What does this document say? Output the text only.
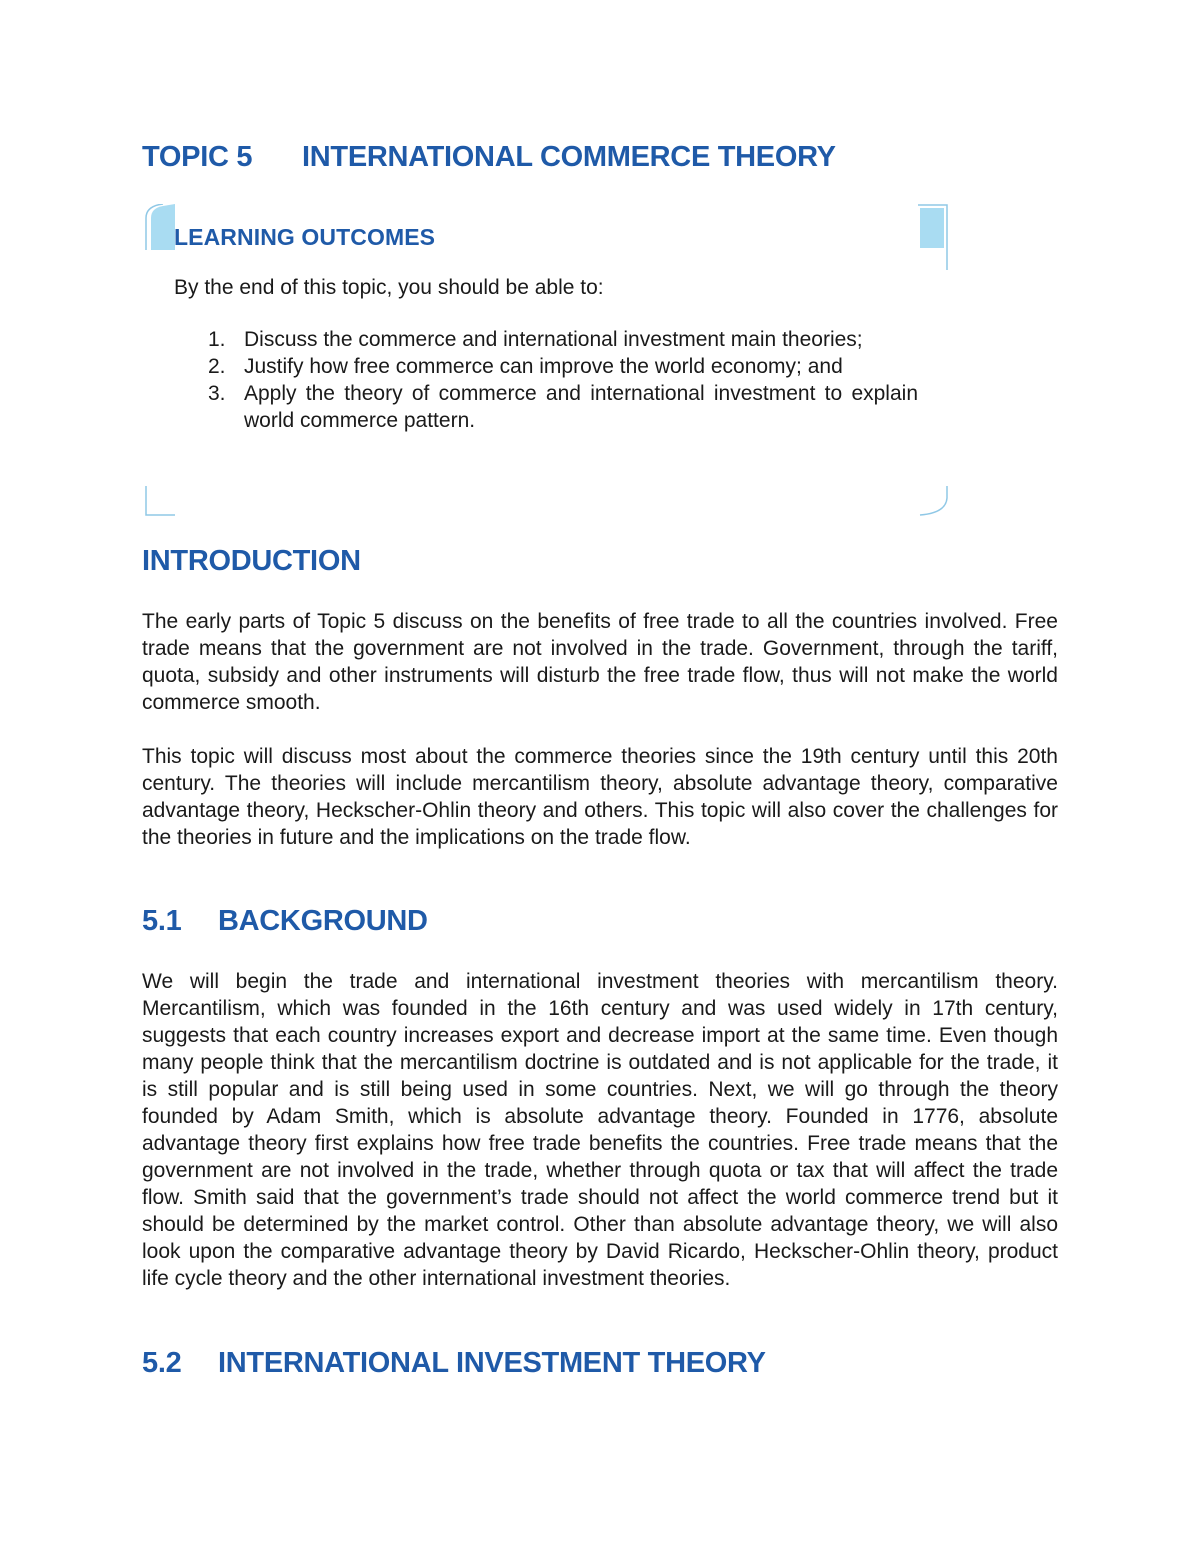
TOPIC 5 INTERNATIONAL COMMERCE THEORY
LEARNING OUTCOMES

By the end of this topic, you should be able to:

1. Discuss the commerce and international investment main theories;
2. Justify how free commerce can improve the world economy; and
3. Apply the theory of commerce and international investment to explain world commerce pattern.
INTRODUCTION

The early parts of Topic 5 discuss on the benefits of free trade to all the countries involved. Free trade means that the government are not involved in the trade. Government, through the tariff, quota, subsidy and other instruments will disturb the free trade flow, thus will not make the world commerce smooth.

This topic will discuss most about the commerce theories since the 19th century until this 20th century. The theories will include mercantilism theory, absolute advantage theory, comparative advantage theory, Heckscher-Ohlin theory and others. This topic will also cover the challenges for the theories in future and the implications on the trade flow.

5.1 BACKGROUND

We will begin the trade and international investment theories with mercantilism theory. Mercantilism, which was founded in the 16th century and was used widely in 17th century, suggests that each country increases export and decrease import at the same time. Even though many people think that the mercantilism doctrine is outdated and is not applicable for the trade, it is still popular and is still being used in some countries. Next, we will go through the theory founded by Adam Smith, which is absolute advantage theory. Founded in 1776, absolute advantage theory first explains how free trade benefits the countries. Free trade means that the government are not involved in the trade, whether through quota or tax that will affect the trade flow. Smith said that the government’s trade should not affect the world commerce trend but it should be determined by the market control. Other than absolute advantage theory, we will also look upon the comparative advantage theory by David Ricardo, Heckscher-Ohlin theory, product life cycle theory and the other international investment theories.

5.2 INTERNATIONAL INVESTMENT THEORY
